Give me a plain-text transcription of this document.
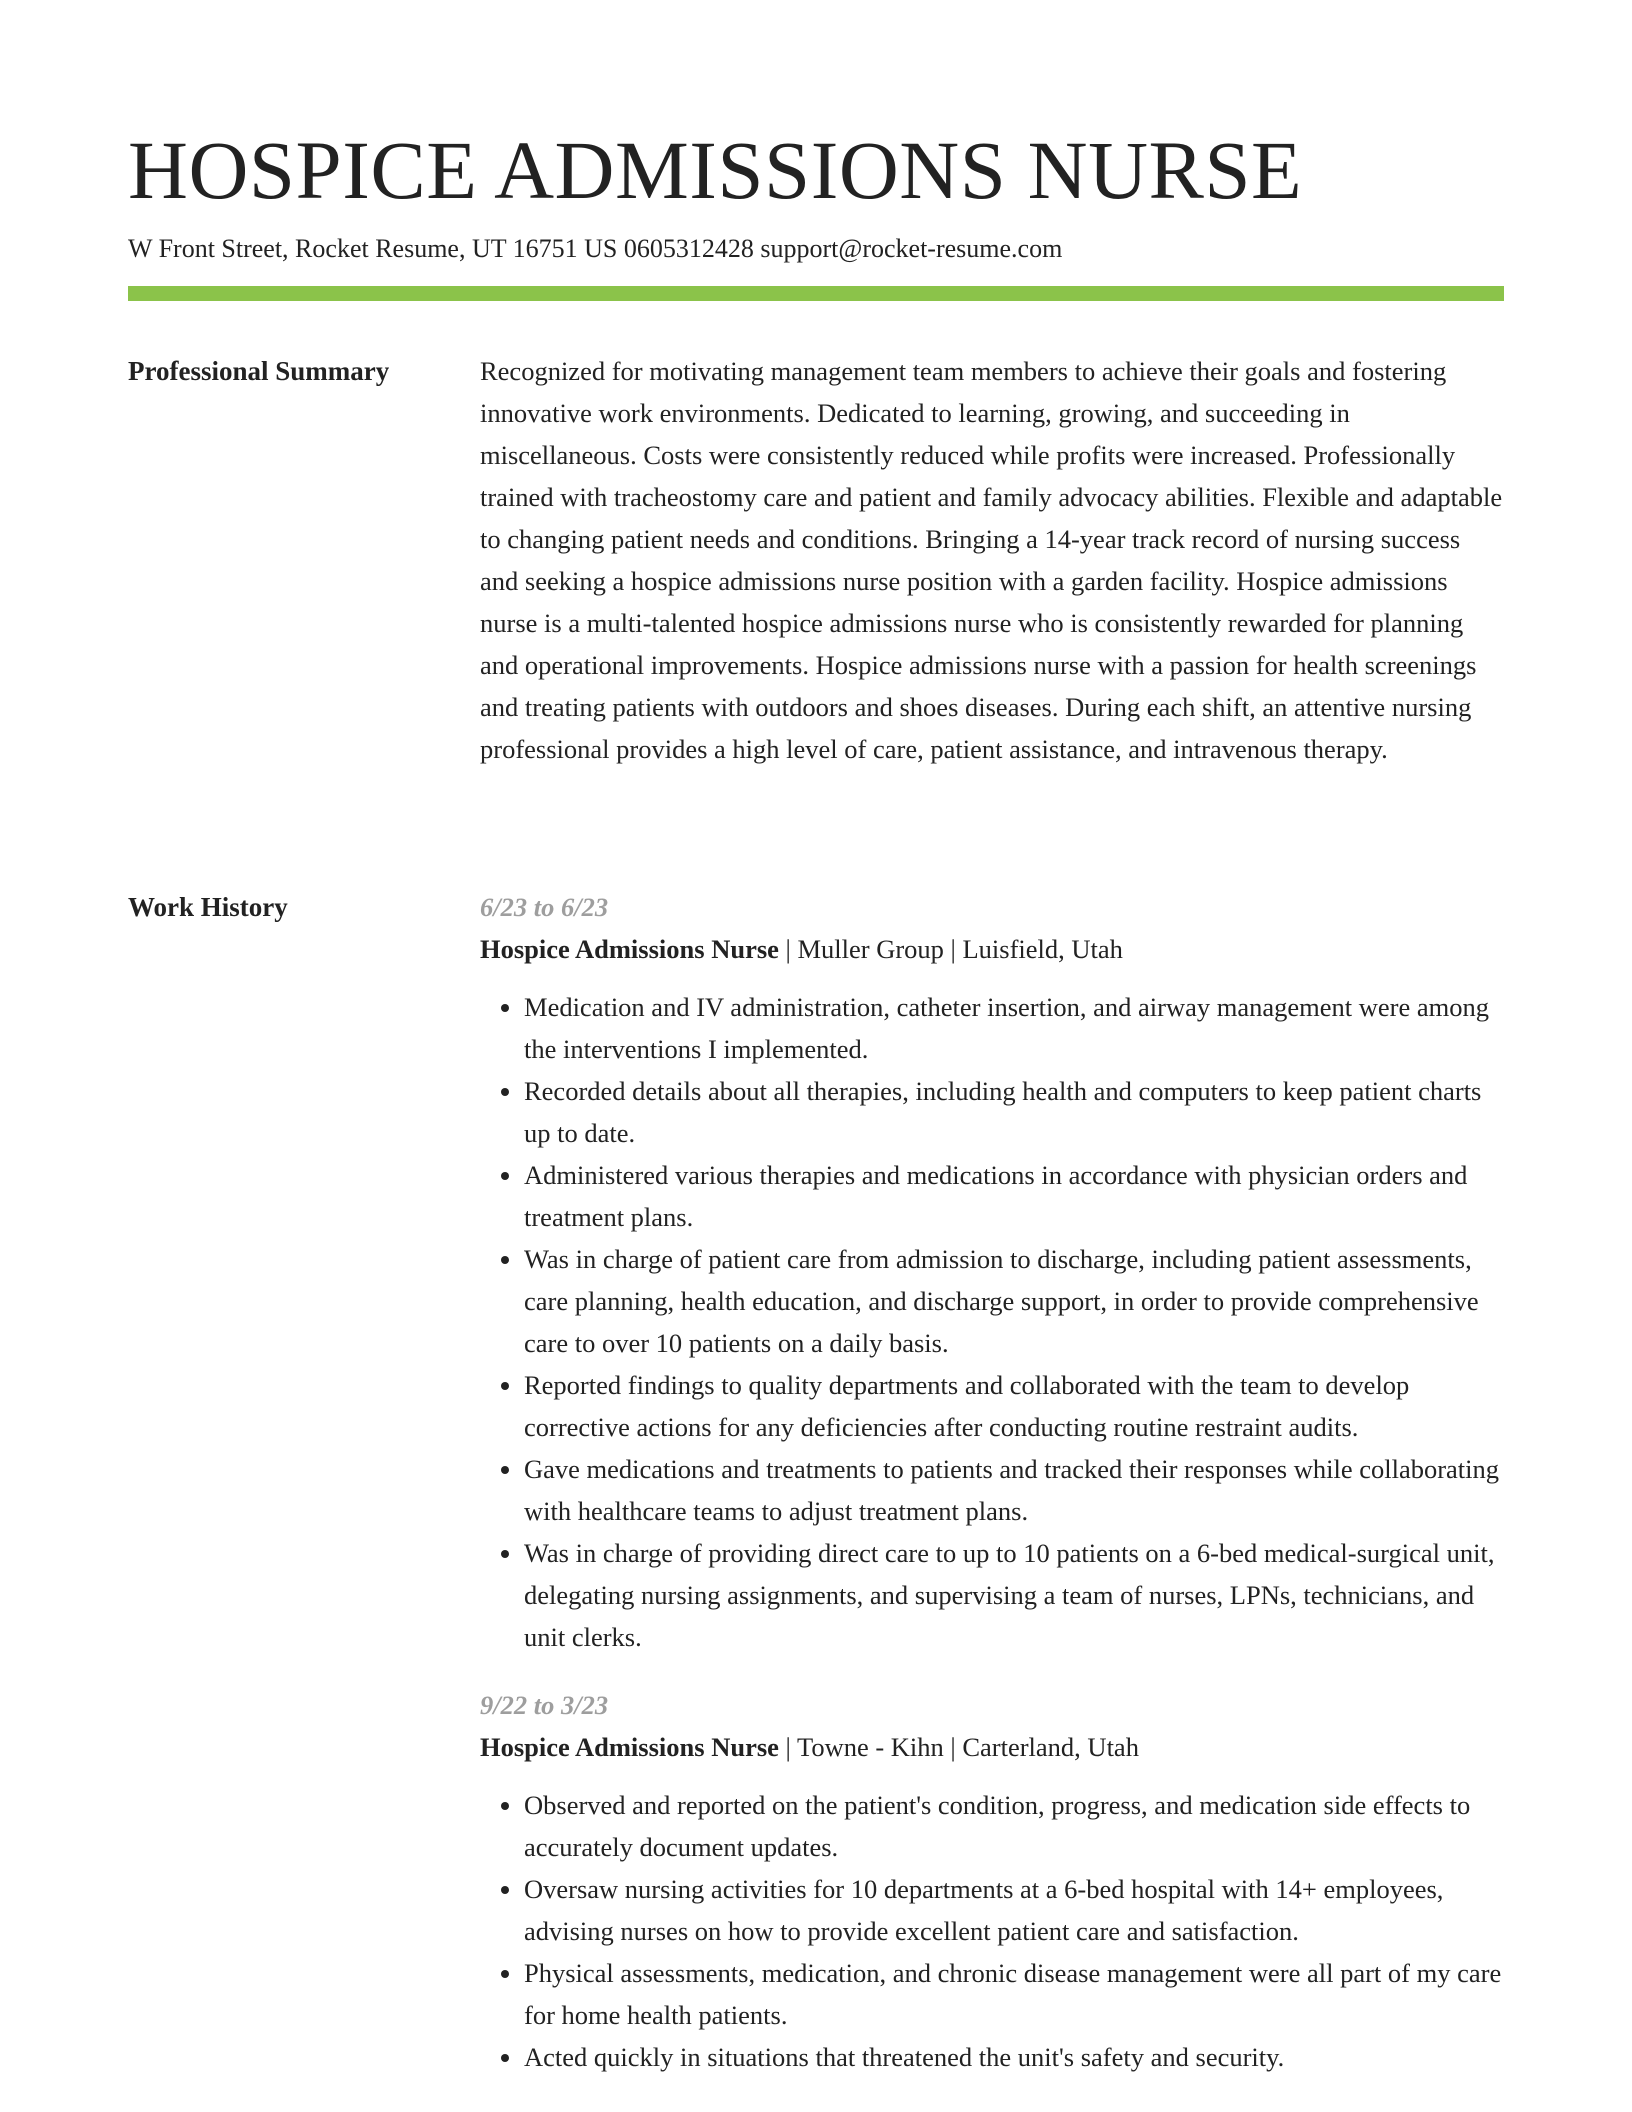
HOSPICE ADMISSIONS NURSE
W Front Street, Rocket Resume, UT 16751 US 0605312428 support@rocket-resume.com
Professional Summary	Recognized for motivating management team members to achieve their goals and fostering innovative work environments. Dedicated to learning, growing, and succeeding in miscellaneous. Costs were consistently reduced while profits were increased. Professionally trained with tracheostomy care and patient and family advocacy abilities. Flexible and adaptable to changing patient needs and conditions. Bringing a 14-year track record of nursing success and seeking a hospice admissions nurse position with a garden facility. Hospice admissions nurse is a multi-talented hospice admissions nurse who is consistently rewarded for planning and operational improvements. Hospice admissions nurse with a passion for health screenings and treating patients with outdoors and shoes diseases. During each shift, an attentive nursing professional provides a high level of care, patient assistance, and intravenous therapy.

Work History	6/23 to 6/23
Hospice Admissions Nurse | Muller Group | Luisfield, Utah
• Medication and IV administration, catheter insertion, and airway management were among the interventions I implemented.
• Recorded details about all therapies, including health and computers to keep patient charts up to date.
• Administered various therapies and medications in accordance with physician orders and treatment plans.
• Was in charge of patient care from admission to discharge, including patient assessments, care planning, health education, and discharge support, in order to provide comprehensive care to over 10 patients on a daily basis.
• Reported findings to quality departments and collaborated with the team to develop corrective actions for any deficiencies after conducting routine restraint audits.
• Gave medications and treatments to patients and tracked their responses while collaborating with healthcare teams to adjust treatment plans.
• Was in charge of providing direct care to up to 10 patients on a 6-bed medical-surgical unit, delegating nursing assignments, and supervising a team of nurses, LPNs, technicians, and unit clerks.
9/22 to 3/23
Hospice Admissions Nurse | Towne - Kihn | Carterland, Utah
• Observed and reported on the patient's condition, progress, and medication side effects to accurately document updates.
• Oversaw nursing activities for 10 departments at a 6-bed hospital with 14+ employees, advising nurses on how to provide excellent patient care and satisfaction.
• Physical assessments, medication, and chronic disease management were all part of my care for home health patients.
• Acted quickly in situations that threatened the unit's safety and security.
